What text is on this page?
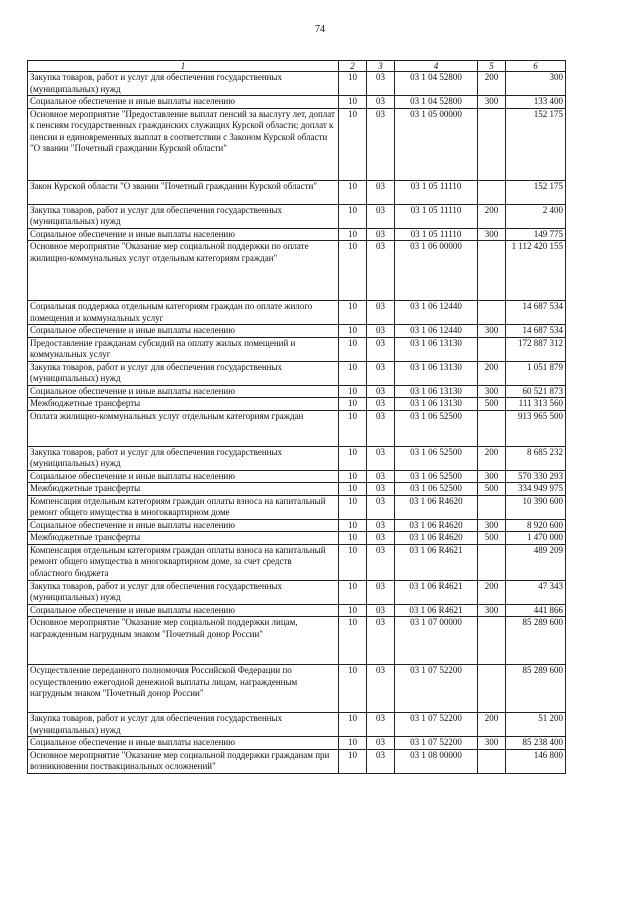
74
1	2	3	4	5	6
Закупка товаров, работ и услуг для обеспечения государственных (муниципальных) нужд	10	03	03 1 04 52800	200	300
Социальное обеспечение и иные выплаты населению	10	03	03 1 04 52800	300	133 400
Основное мероприятие "Предоставление выплат пенсий за выслугу лет, доплат к пенсиям государственных гражданских служащих Курской области; доплат к пенсии и единовременных выплат в соответствии с Законом Курской области "О звании "Почетный гражданин Курской области"	10	03	03 1 05 00000		152 175
Закон Курской области "О звании "Почетный гражданин Курской области"	10	03	03 1 05 11110		152 175
Закупка товаров, работ и услуг для обеспечения государственных (муниципальных) нужд	10	03	03 1 05 11110	200	2 400
Социальное обеспечение и иные выплаты населению	10	03	03 1 05 11110	300	149 775
Основное мероприятие "Оказание мер социальной поддержки по оплате жилищно-коммунальных услуг отдельным категориям граждан"	10	03	03 1 06 00000		1 112 420 155
Социальная поддержка отдельным категориям граждан по оплате жилого помещения и коммунальных услуг	10	03	03 1 06 12440		14 687 534
Социальное обеспечение и иные выплаты населению	10	03	03 1 06 12440	300	14 687 534
Предоставление гражданам субсидий на оплату жилых помещений и коммунальных услуг	10	03	03 1 06 13130		172 887 312
Закупка товаров, работ и услуг для обеспечения государственных (муниципальных) нужд	10	03	03 1 06 13130	200	1 051 879
Социальное обеспечение и иные выплаты населению	10	03	03 1 06 13130	300	60 521 873
Межбюджетные трансферты	10	03	03 1 06 13130	500	111 313 560
Оплата жилищно-коммунальных услуг отдельным категориям граждан	10	03	03 1 06 52500		913 965 500
Закупка товаров, работ и услуг для обеспечения государственных (муниципальных) нужд	10	03	03 1 06 52500	200	8 685 232
Социальное обеспечение и иные выплаты населению	10	03	03 1 06 52500	300	570 330 293
Межбюджетные трансферты	10	03	03 1 06 52500	500	334 949 975
Компенсация отдельным категориям граждан оплаты взноса на капитальный ремонт общего имущества в многоквартирном доме	10	03	03 1 06 R4620		10 390 600
Социальное обеспечение и иные выплаты населению	10	03	03 1 06 R4620	300	8 920 600
Межбюджетные трансферты	10	03	03 1 06 R4620	500	1 470 000
Компенсация отдельным категориям граждан оплаты взноса на капитальный ремонт общего имущества в многоквартирном доме, за счет средств областного бюджета	10	03	03 1 06 R4621		489 209
Закупка товаров, работ и услуг для обеспечения государственных (муниципальных) нужд	10	03	03 1 06 R4621	200	47 343
Социальное обеспечение и иные выплаты населению	10	03	03 1 06 R4621	300	441 866
Основное мероприятие "Оказание мер социальной поддержки лицам, награжденным нагрудным знаком "Почетный донор России"	10	03	03 1 07 00000		85 289 600
Осуществление переданного полномочия Российской Федерации по осуществлению ежегодной денежной выплаты лицам, награжденным нагрудным знаком "Почетный донор России"	10	03	03 1 07 52200		85 289 600
Закупка товаров, работ и услуг для обеспечения государственных (муниципальных) нужд	10	03	03 1 07 52200	200	51 200
Социальное обеспечение и иные выплаты населению	10	03	03 1 07 52200	300	85 238 400
Основное мероприятие "Оказание мер социальной поддержки гражданам при возникновении поствакцинальных осложнений"	10	03	03 1 08 00000		146 800
